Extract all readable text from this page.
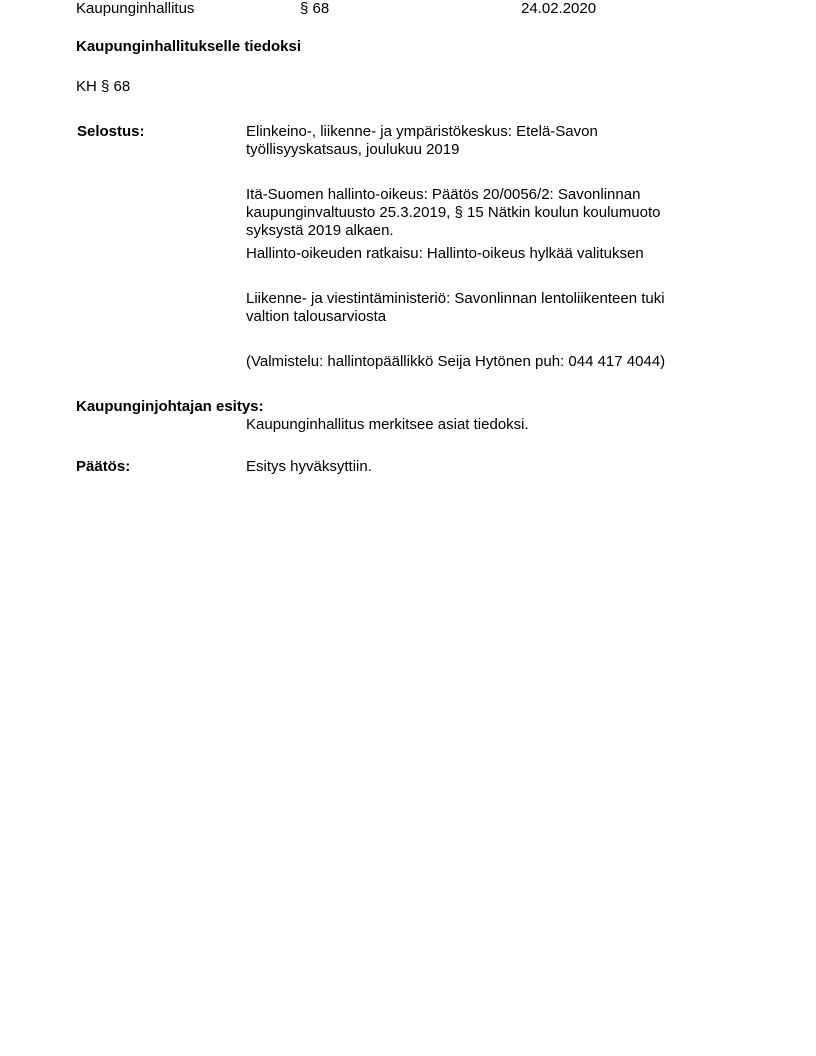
Kaupunginhallitus	§ 68	24.02.2020
Kaupunginhallitukselle tiedoksi
KH § 68
Selostus:	Elinkeino-, liikenne- ja ympäristökeskus: Etelä-Savon

työllisyyskatsaus, joulukuu 2019

Itä-Suomen hallinto-oikeus: Päätös 20/0056/2: Savonlinnan

kaupunginvaltuusto 25.3.2019, § 15 Nätkin koulun koulumuoto

syksystä 2019 alkaen.

Hallinto-oikeuden ratkaisu: Hallinto-oikeus hylkää valituksen

Liikenne- ja viestintäministeriö: Savonlinnan lentoliikenteen tuki

valtion talousarviosta

(Valmistelu: hallintopäällikkö Seija Hytönen puh: 044 417 4044)

Kaupunginjohtajan esitys:
Kaupunginhallitus merkitsee asiat tiedoksi.
Päätös:	Esitys hyväksyttiin.
